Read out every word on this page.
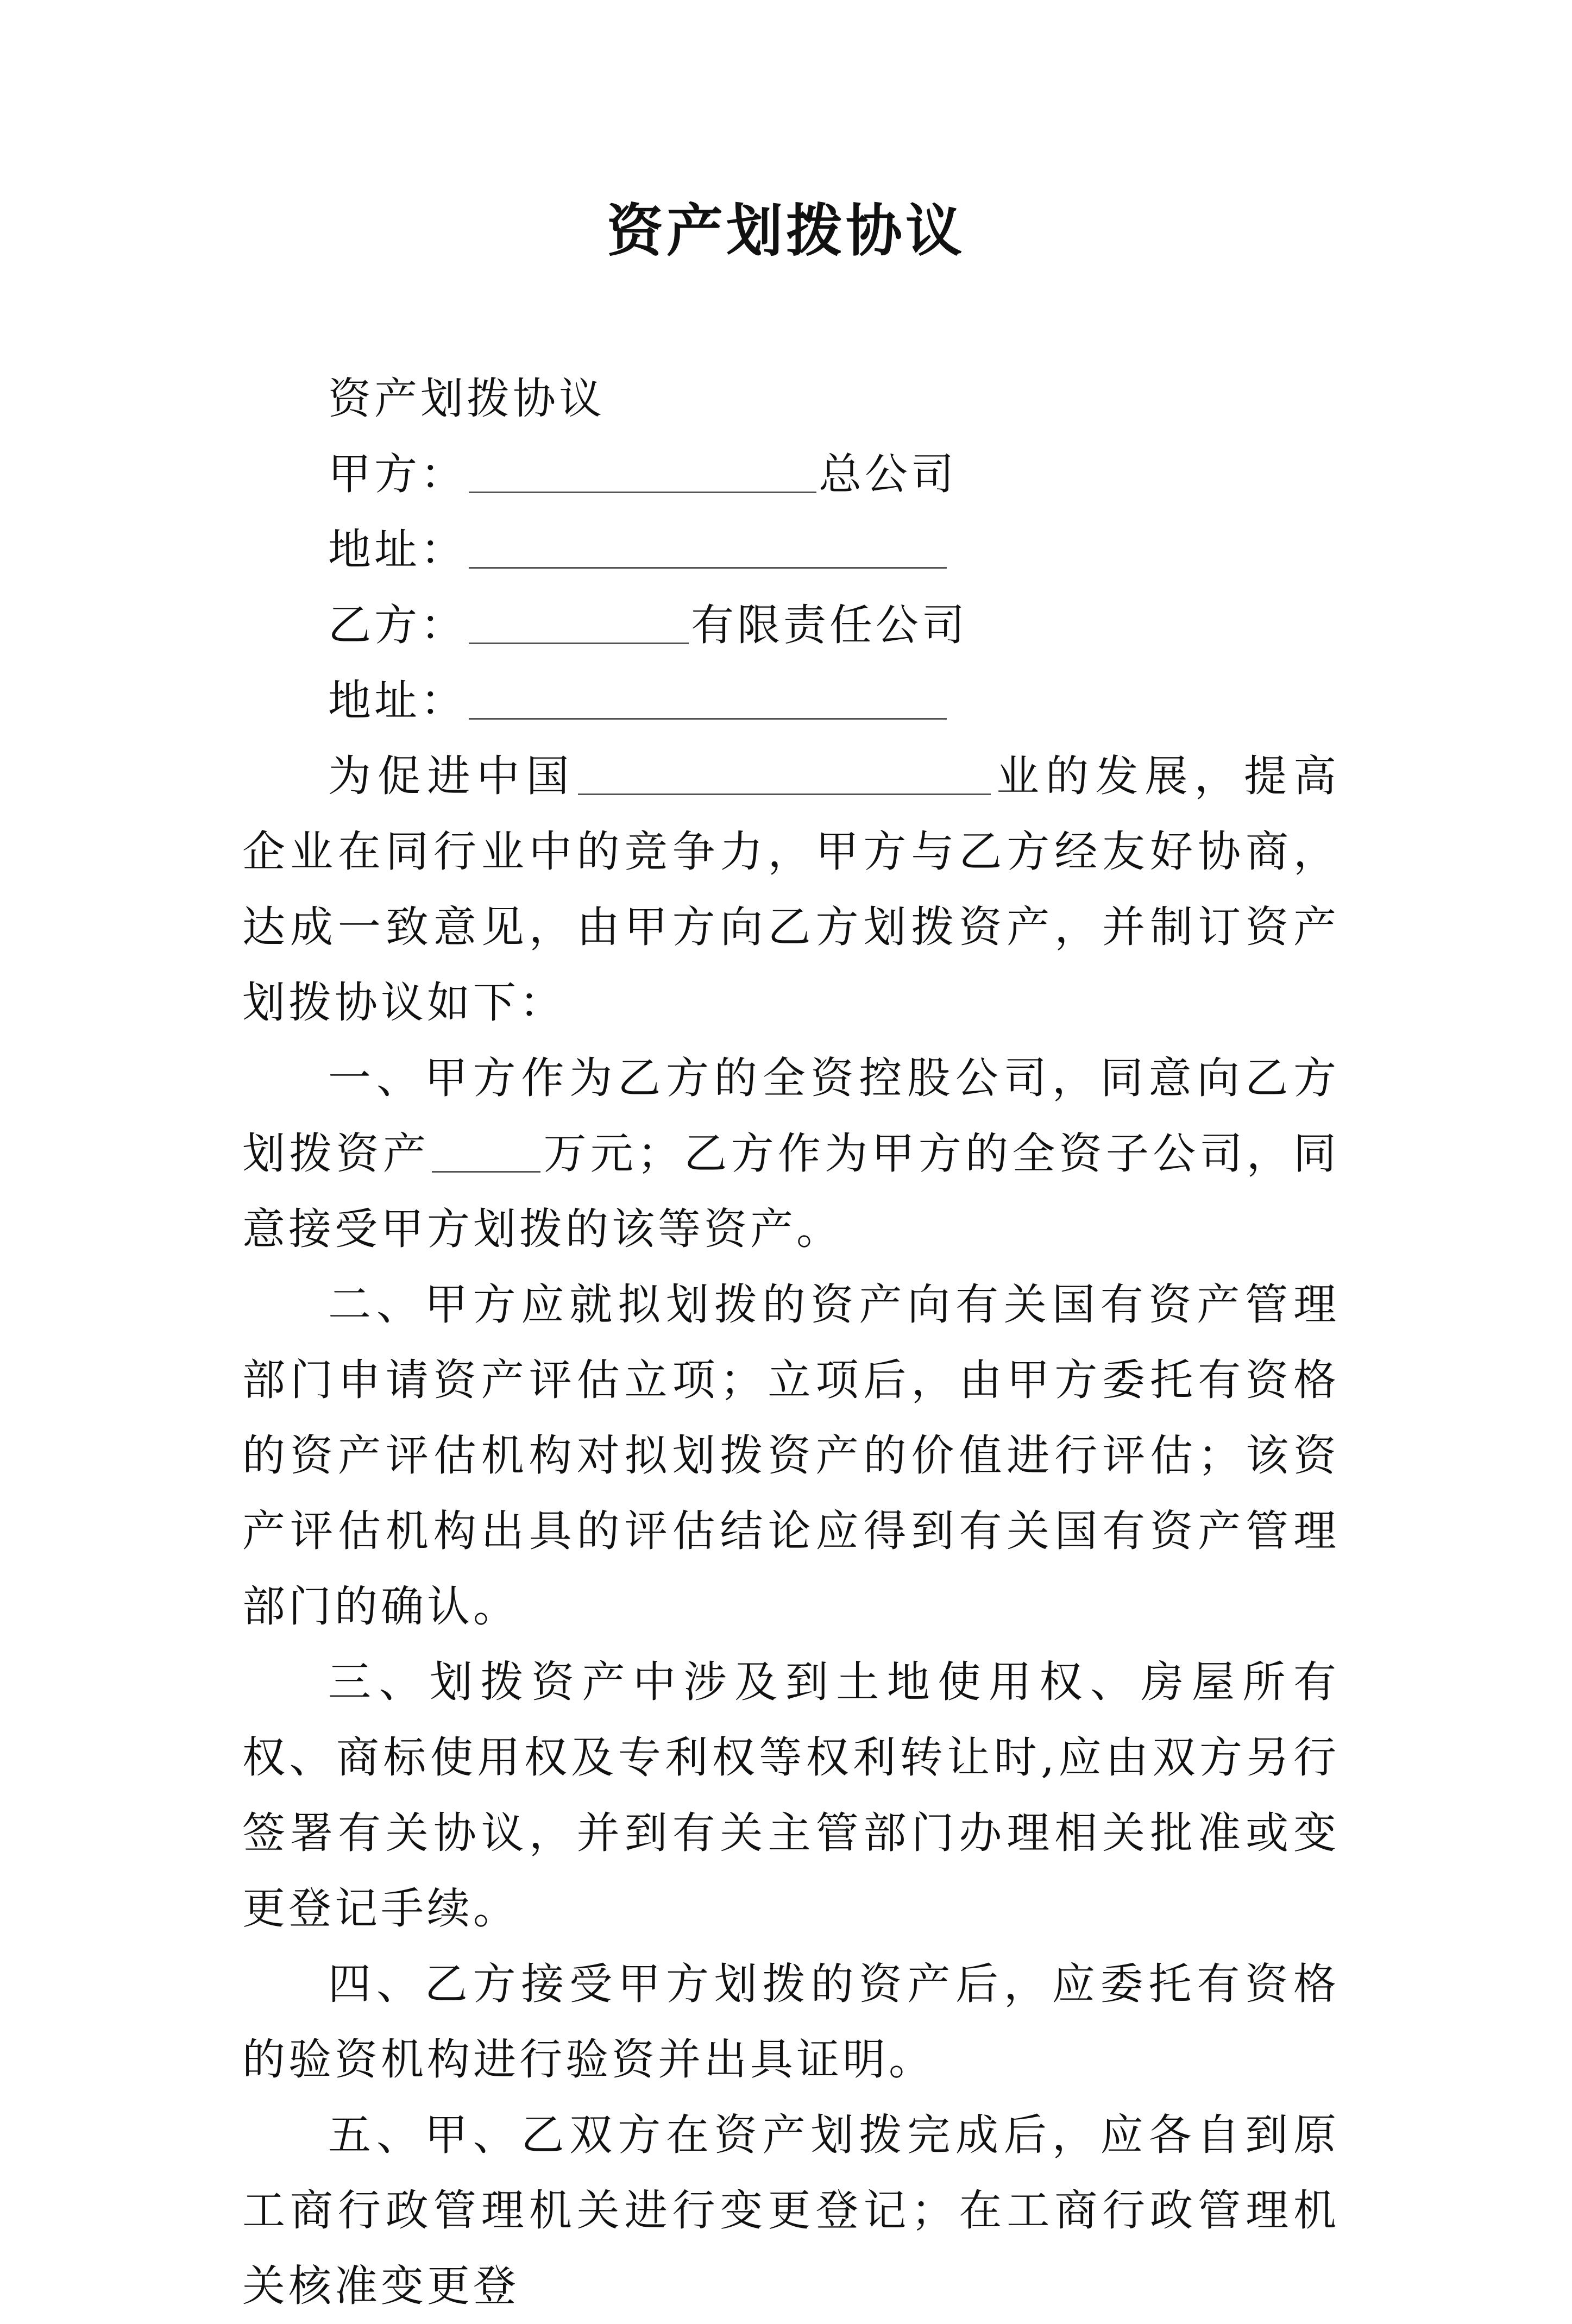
资产划拨协议
资产划拨协议
甲方：	总公司
地址：
乙方：	有限责任公司
地址：

为促进中国	业的发展，提高企业在同行业中的竞争力，甲方与乙方经友好协商，达成一致意见，由甲方向乙方划拨资产，并制订资产划拨协议如下：

一、甲方作为乙方的全资控股公司，同意向乙方划拨资产	万元；乙方作为甲方的全资子公司，同意接受甲方划拨的该等资产。

二、甲方应就拟划拨的资产向有关国有资产管理部门申请资产评估立项；立项后，由甲方委托有资格的资产评估机构对拟划拨资产的价值进行评估；该资产评估机构出具的评估结论应得到有关国有资产管理部门的确认。

三、划拨资产中涉及到土地使用权、房屋所有权、商标使用权及专利权等权利转让时,应由双方另行签署有关协议，并到有关主管部门办理相关批准或变更登记手续。

四、乙方接受甲方划拨的资产后，应委托有资格的验资机构进行验资并出具证明。

五、甲、乙双方在资产划拨完成后，应各自到原工商行政管理机关进行变更登记；在工商行政管理机关核准变更登
